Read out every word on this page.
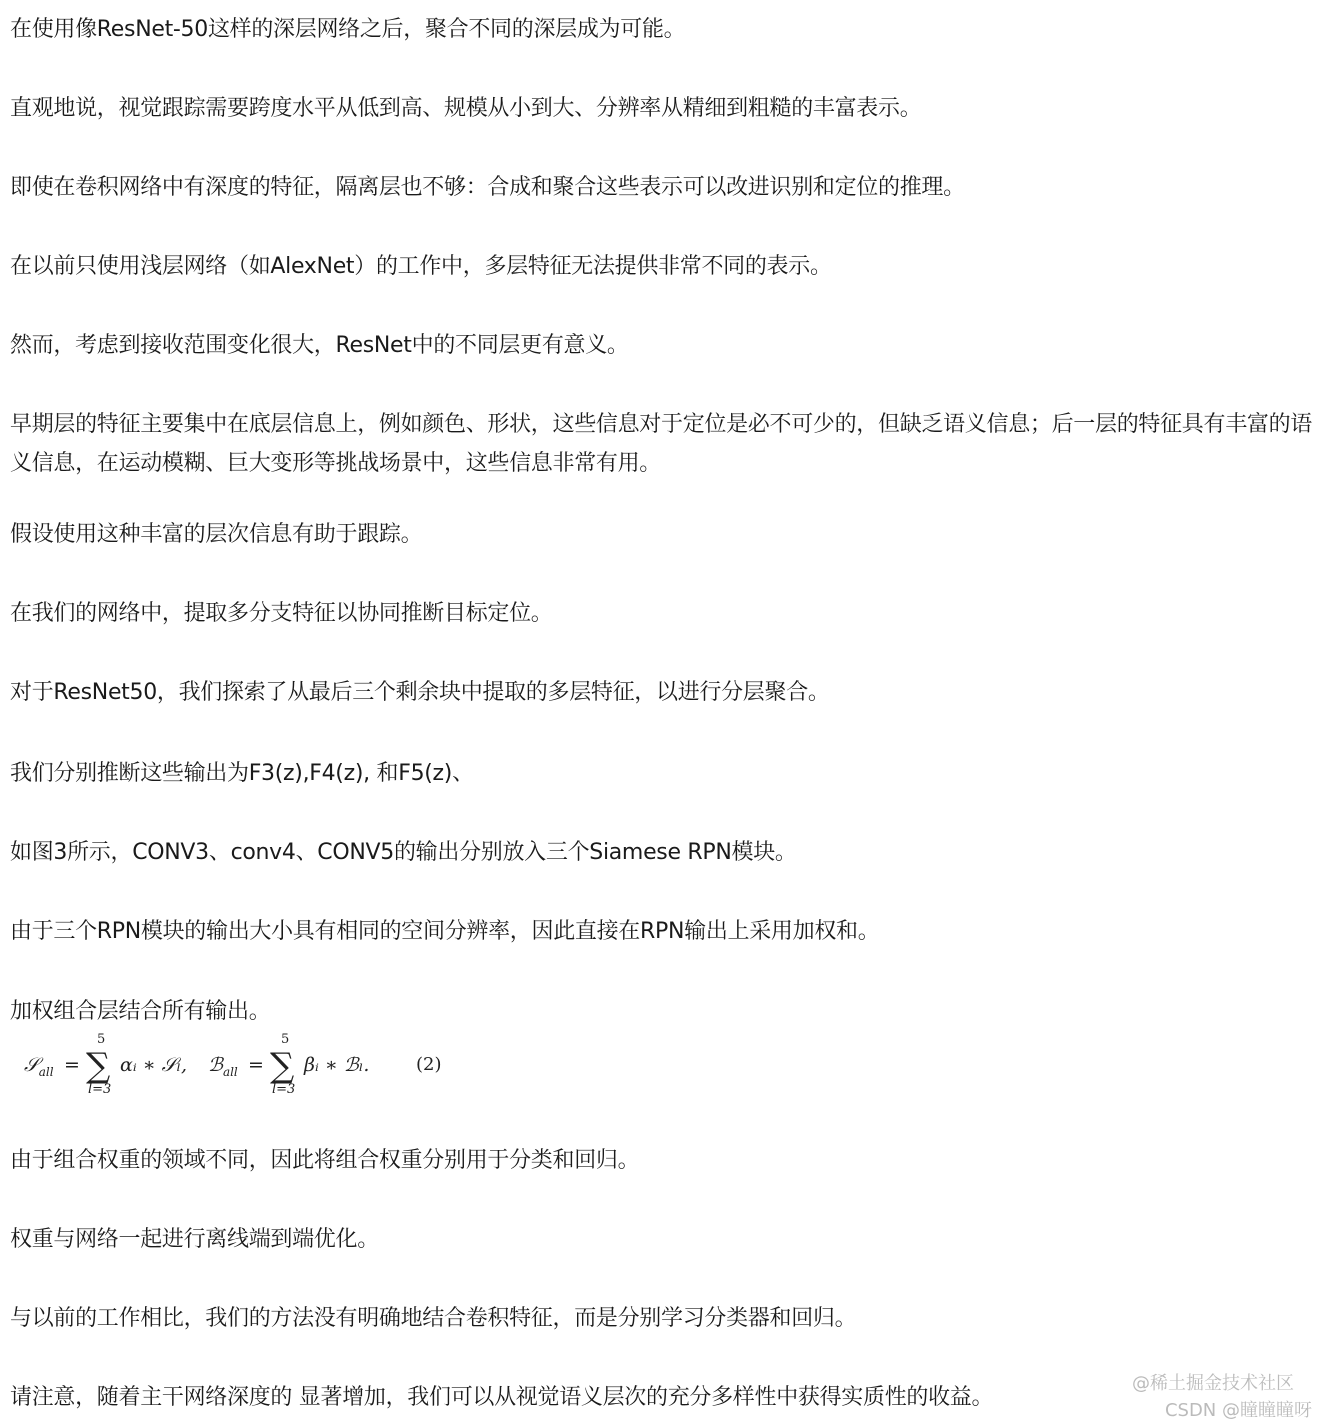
在使用像ResNet-50这样的深层网络之后，聚合不同的深层成为可能。

直观地说，视觉跟踪需要跨度水平从低到高、规模从小到大、分辨率从精细到粗糙的丰富表示。

即使在卷积网络中有深度的特征，隔离层也不够：合成和聚合这些表示可以改进识别和定位的推理。

在以前只使用浅层网络（如AlexNet）的工作中，多层特征无法提供非常不同的表示。

然而，考虑到接收范围变化很大，ResNet中的不同层更有意义。

早期层的特征主要集中在底层信息上，例如颜色、形状，这些信息对于定位是必不可少的，但缺乏语义信息；后一层的特征具有丰富的语义信息，在运动模糊、巨大变形等挑战场景中，这些信息非常有用。

假设使用这种丰富的层次信息有助于跟踪。

在我们的网络中，提取多分支特征以协同推断目标定位。

对于ResNet50，我们探索了从最后三个剩余块中提取的多层特征，以进行分层聚合。

我们分别推断这些输出为F3(z),F4(z), 和F5(z)、

如图3所示，CONV3、conv4、CONV5的输出分别放入三个Siamese RPN模块。

由于三个RPN模块的输出大小具有相同的空间分辨率，因此直接在RPN输出上采用加权和。

加权组合层结合所有输出。

𝒮$_{all}$ =
5
∑
l=3
αᵢ ∗ 𝒮ₗ, ℬ$_{all}$ =
5
∑
l=3
βᵢ ∗ ℬₗ.	(2)

由于组合权重的领域不同，因此将组合权重分别用于分类和回归。

权重与网络一起进行离线端到端优化。

与以前的工作相比，我们的方法没有明确地结合卷积特征，而是分别学习分类器和回归。

请注意，随着主干网络深度的 显著增加，我们可以从视觉语义层次的充分多样性中获得实质性的收益。

@稀土掘金技术社区
CSDN @瞳瞳瞳呀
